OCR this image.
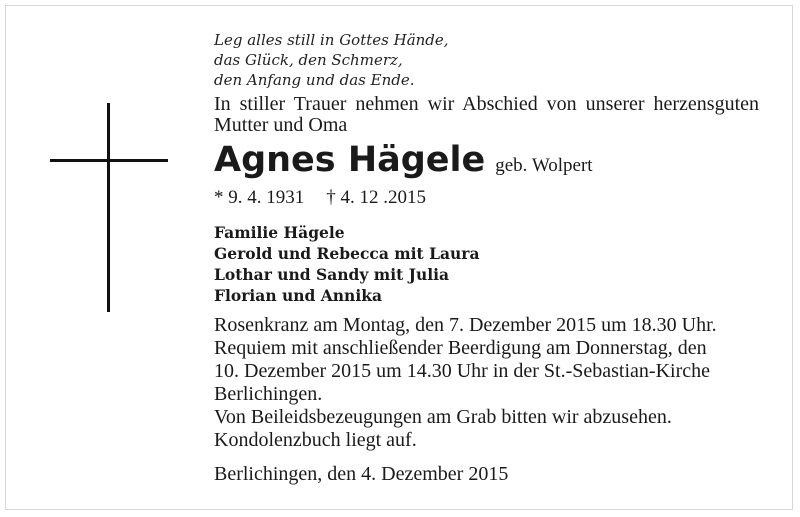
Leg alles still in Gottes Hände,
das Glück, den Schmerz,
den Anfang und das Ende.
In stiller Trauer nehmen wir Abschied von unserer herzensguten Mutter und Oma
Agnes Hägele geb. Wolpert
* 9. 4. 1931 † 4. 12 .2015
Familie Hägele
Gerold und Rebecca mit Laura
Lothar und Sandy mit Julia
Florian und Annika
Rosenkranz am Montag, den 7. Dezember 2015 um 18.30 Uhr.
Requiem mit anschließender Beerdigung am Donnerstag, den
10. Dezember 2015 um 14.30 Uhr in der St.-Sebastian-Kirche
Berlichingen.
Von Beileidsbezeugungen am Grab bitten wir abzusehen.
Kondolenzbuch liegt auf.
Berlichingen, den 4. Dezember 2015
